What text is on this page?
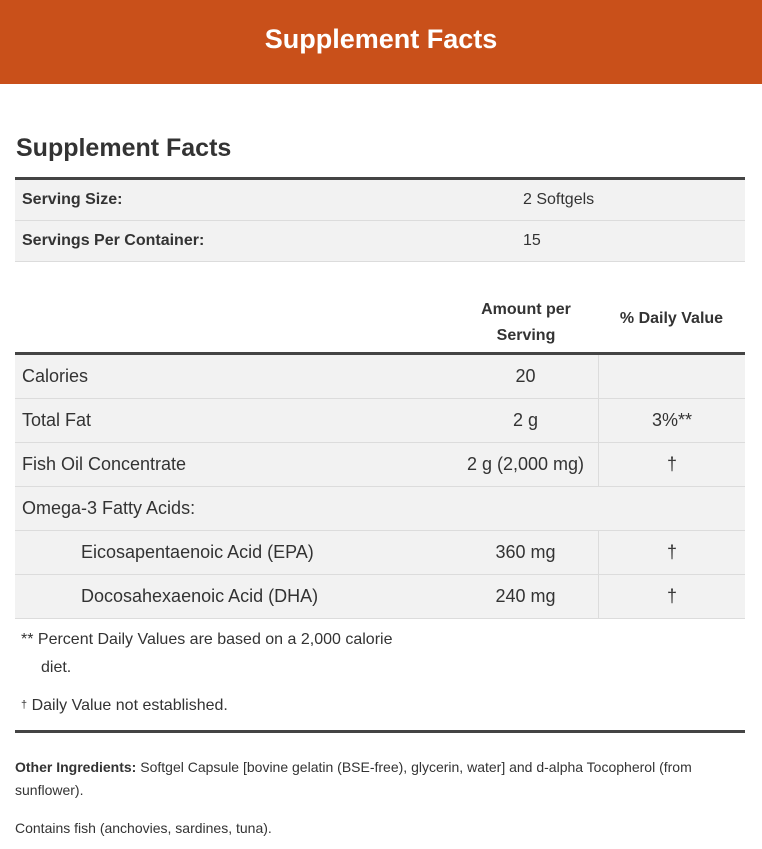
Supplement Facts
Supplement Facts
Serving Size:	2 Softgels
Servings Per Container:	15
Amount per
Serving
% Daily Value
Calories	20
Total Fat	2 g	3%**
Fish Oil Concentrate	2 g (2,000 mg)	†
Omega-3 Fatty Acids:
Eicosapentaenoic Acid (EPA)	360 mg	†
Docosahexaenoic Acid (DHA)	240 mg	†
** Percent Daily Values are based on a 2,000 calorie
diet.
† Daily Value not established.
Other Ingredients: Softgel Capsule [bovine gelatin (BSE-free), glycerin, water] and d-alpha Tocopherol (from sunflower).
Contains fish (anchovies, sardines, tuna).
